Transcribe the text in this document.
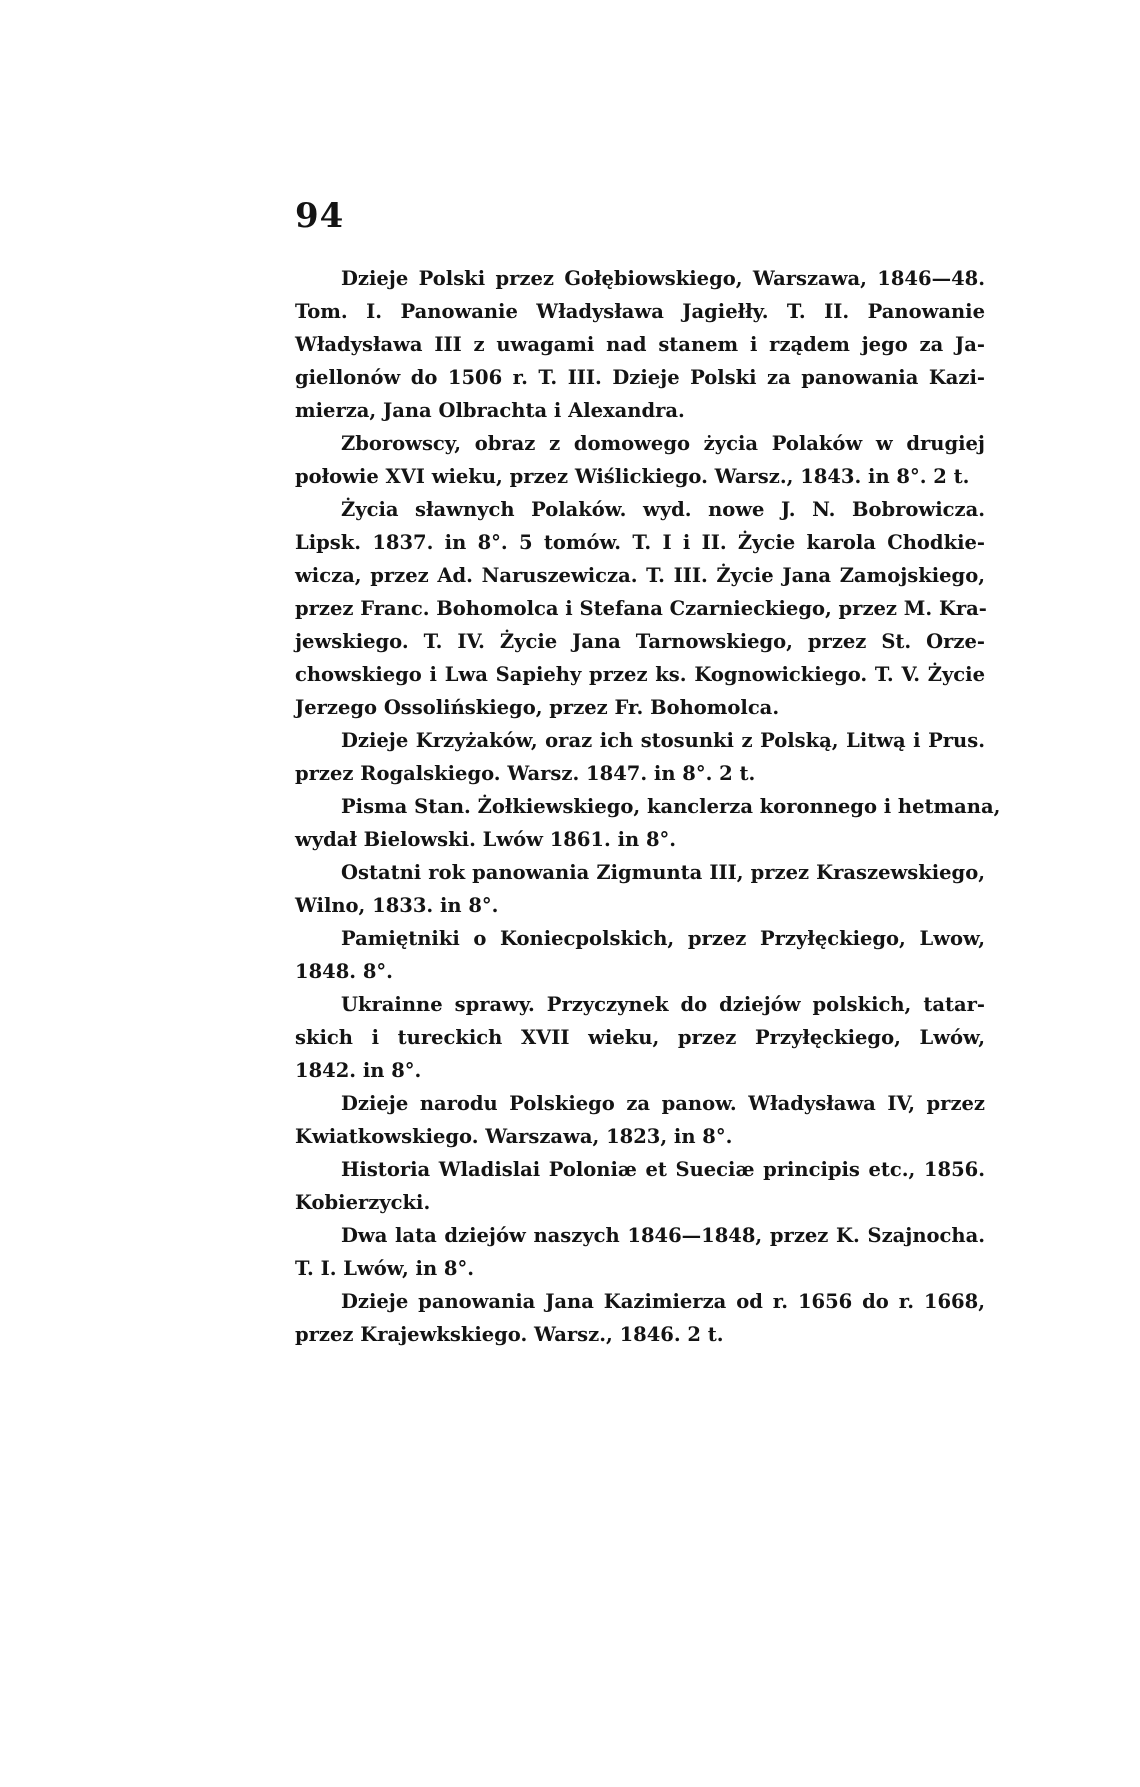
94
Dzieje Polski przez Gołębiowskiego, Warszawa, 1846—48.
Tom. I. Panowanie Władysława Jagiełły. T. II. Panowanie
Władysława III z uwagami nad stanem i rządem jego za Ja-
giellonów do 1506 r. T. III. Dzieje Polski za panowania Kazi-
mierza, Jana Olbrachta i Alexandra.
Zborowscy, obraz z domowego życia Polaków w drugiej
połowie XVI wieku, przez Wiślickiego. Warsz., 1843. in 8°. 2 t.
Życia sławnych Polaków. wyd. nowe J. N. Bobrowicza.
Lipsk. 1837. in 8°. 5 tomów. T. I i II. Życie karola Chodkie-
wicza, przez Ad. Naruszewicza. T. III. Życie Jana Zamojskiego,
przez Franc. Bohomolca i Stefana Czarnieckiego, przez M. Kra-
jewskiego. T. IV. Życie Jana Tarnowskiego, przez St. Orze-
chowskiego i Lwa Sapiehy przez ks. Kognowickiego. T. V. Życie
Jerzego Ossolińskiego, przez Fr. Bohomolca.
Dzieje Krzyżaków, oraz ich stosunki z Polską, Litwą i Prus.
przez Rogalskiego. Warsz. 1847. in 8°. 2 t.
Pisma Stan. Żołkiewskiego, kanclerza koronnego i hetmana,
wydał Bielowski. Lwów 1861. in 8°.
Ostatni rok panowania Zigmunta III, przez Kraszewskiego,
Wilno, 1833. in 8°.
Pamiętniki o Koniecpolskich, przez Przyłęckiego, Lwow,
1848. 8°.
Ukrainne sprawy. Przyczynek do dziejów polskich, tatar-
skich i tureckich XVII wieku, przez Przyłęckiego, Lwów,
1842. in 8°.
Dzieje narodu Polskiego za panow. Władysława IV, przez
Kwiatkowskiego. Warszawa, 1823, in 8°.
Historia Wladislai Poloniæ et Sueciæ principis etc., 1856.
Kobierzycki.
Dwa lata dziejów naszych 1846—1848, przez K. Szajnocha.
T. I. Lwów, in 8°.
Dzieje panowania Jana Kazimierza od r. 1656 do r. 1668,
przez Krajewkskiego. Warsz., 1846. 2 t.
